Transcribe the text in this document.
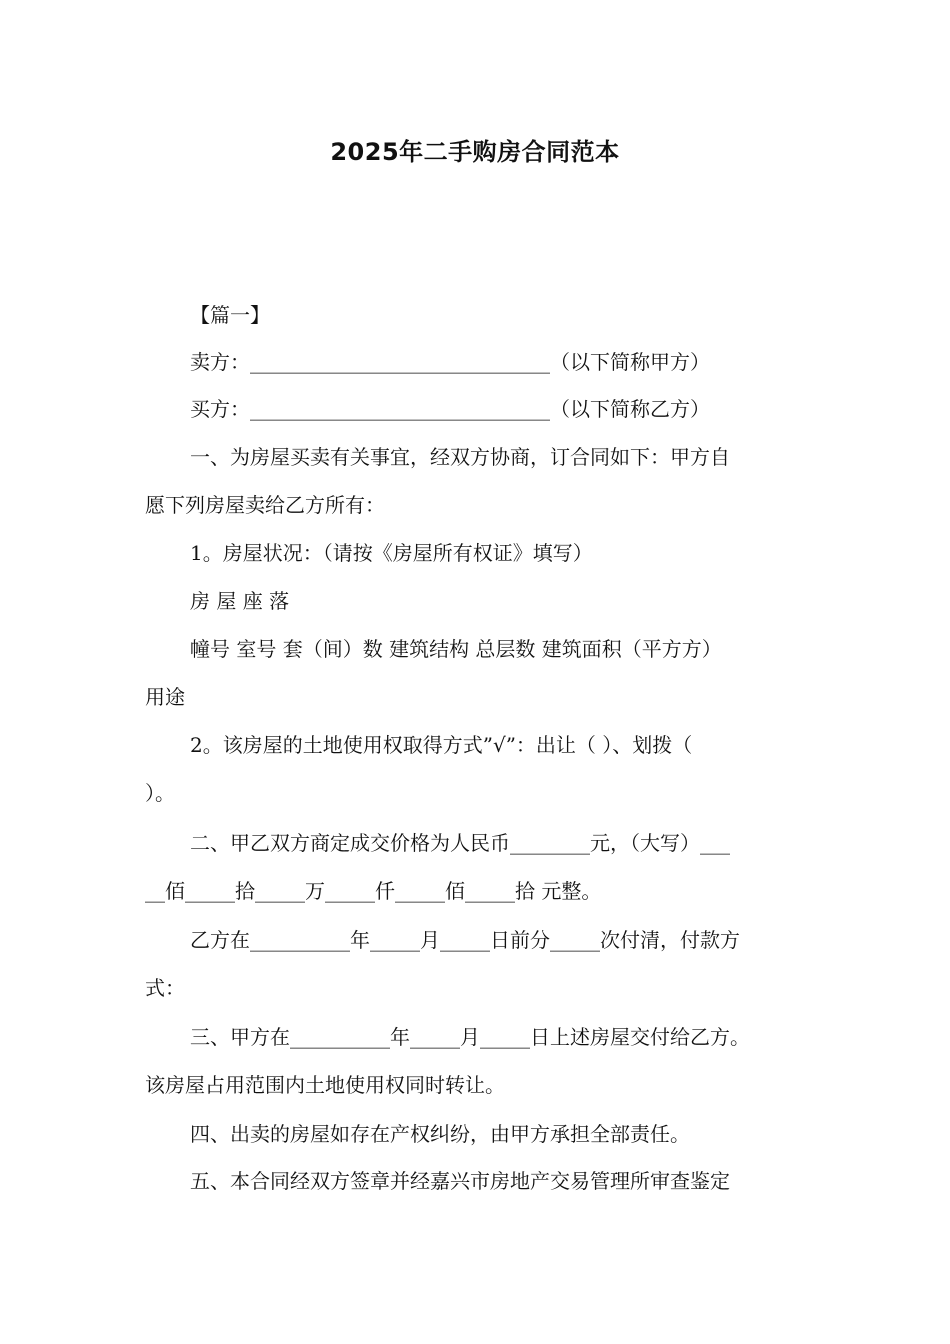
2025年二手购房合同范本

【篇一】

卖方：______________________________（以下简称甲方）

买方：______________________________（以下简称乙方）

一、为房屋买卖有关事宜，经双方协商，订合同如下：甲方自

愿下列房屋卖给乙方所有：

1。房屋状况：（请按《房屋所有权证》填写）

房 屋 座 落

幢号 室号 套（间）数 建筑结构 总层数 建筑面积（平方方）

用途

2。该房屋的土地使用权取得方式”√”：出让（ ）、划拨（

）。

二、甲乙双方商定成交价格为人民币________元，（大写）___

__佰_____拾_____万_____仟_____佰_____拾 元整。

乙方在__________年_____月_____日前分_____次付清，付款方

式：

三、甲方在__________年_____月_____日上述房屋交付给乙方。

该房屋占用范围内土地使用权同时转让。

四、出卖的房屋如存在产权纠纷，由甲方承担全部责任。

五、本合同经双方签章并经嘉兴市房地产交易管理所审查鉴定
